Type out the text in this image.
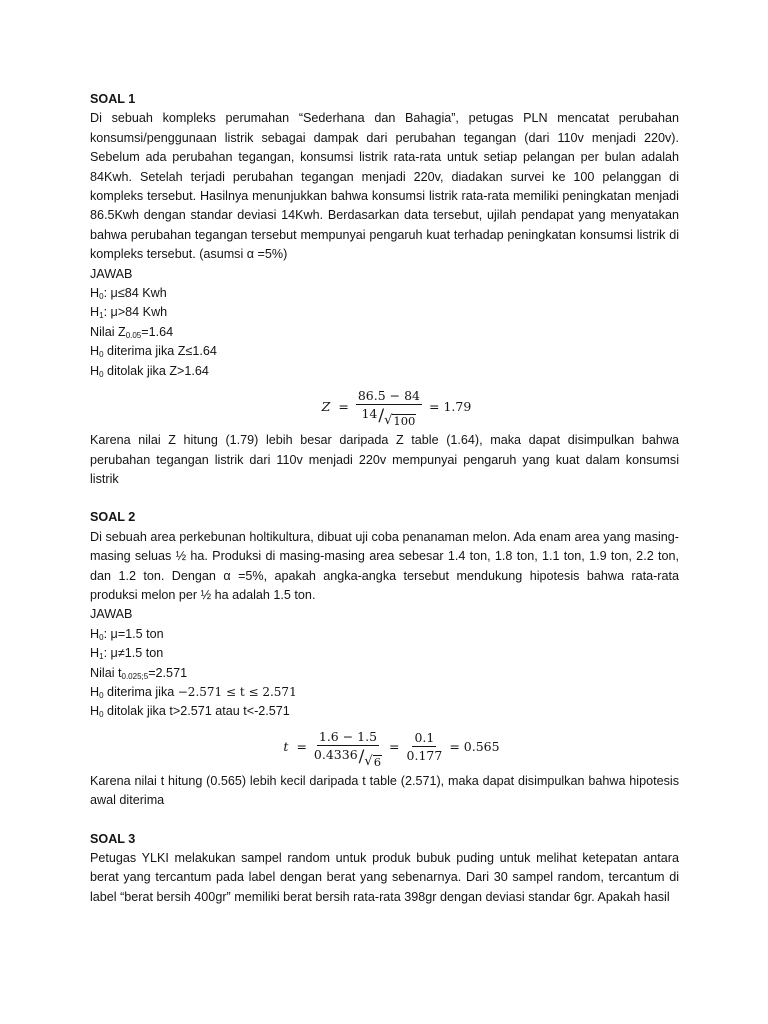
SOAL 1
Di sebuah kompleks perumahan “Sederhana dan Bahagia”, petugas PLN mencatat perubahan konsumsi/penggunaan listrik sebagai dampak dari perubahan tegangan (dari 110v menjadi 220v). Sebelum ada perubahan tegangan, konsumsi listrik rata-rata untuk setiap pelangan per bulan adalah 84Kwh. Setelah terjadi perubahan tegangan menjadi 220v, diadakan survei ke 100 pelanggan di kompleks tersebut. Hasilnya menunjukkan bahwa konsumsi listrik rata-rata memiliki peningkatan menjadi 86.5Kwh dengan standar deviasi 14Kwh. Berdasarkan data tersebut, ujilah pendapat yang menyatakan bahwa perubahan tegangan tersebut mempunyai pengaruh kuat terhadap peningkatan konsumsi listrik di kompleks tersebut. (asumsi α =5%)
JAWAB
$H_0$: μ≤84 Kwh
$H_1$: μ>84 Kwh
Nilai $Z_{0.05}=1.64$
$H_0$ diterima jika Z≤1.64
$H_0$ ditolak jika Z>1.64
$Z = \frac{86.5 - 84}{14 / √ 100} = 1.79$
Karena nilai Z hitung (1.79) lebih besar daripada Z table (1.64), maka dapat disimpulkan bahwa perubahan tegangan listrik dari 110v menjadi 220v mempunyai pengaruh yang kuat dalam konsumsi listrik
SOAL 2
Di sebuah area perkebunan holtikultura, dibuat uji coba penanaman melon. Ada enam area yang masing-masing seluas ½ ha. Produksi di masing-masing area sebesar 1.4 ton, 1.8 ton, 1.1 ton, 1.9 ton, 2.2 ton, dan 1.2 ton. Dengan α =5%, apakah angka-angka tersebut mendukung hipotesis bahwa rata-rata produksi melon per ½ ha adalah 1.5 ton.
JAWAB
$H_0$: μ=1.5 ton
$H_1$: μ≠1.5 ton
Nilai $t_{0.025;5}=2.571$
$H_0$ diterima jika −2.571 ≤ t ≤ 2.571
$H_0$ ditolak jika t>2.571 atau t<-2.571
$t = \frac{1.6 - 1.5}{0.4336 / √ 6} = \frac{0.1}{0.177} = 0.565$
Karena nilai t hitung (0.565) lebih kecil daripada t table (2.571), maka dapat disimpulkan bahwa hipotesis awal diterima
SOAL 3
Petugas YLKI melakukan sampel random untuk produk bubuk puding untuk melihat ketepatan antara berat yang tercantum pada label dengan berat yang sebenarnya. Dari 30 sampel random, tercantum di label “berat bersih 400gr” memiliki berat bersih rata-rata 398gr dengan deviasi standar 6gr. Apakah hasil
